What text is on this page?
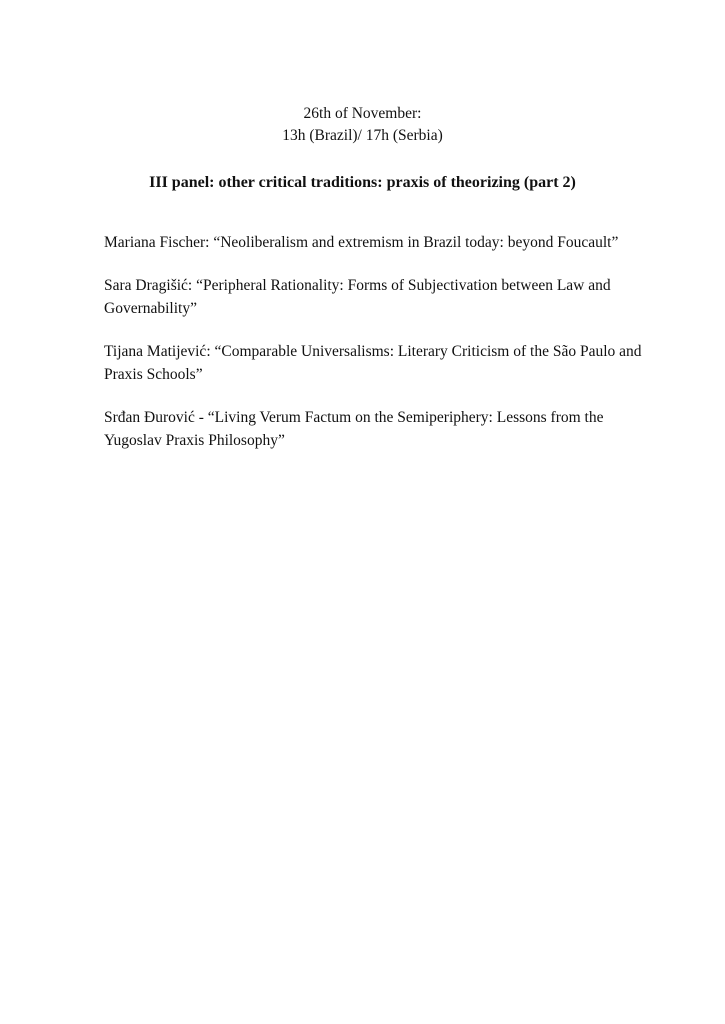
26th of November:
13h (Brazil)/ 17h (Serbia)
III panel: other critical traditions: praxis of theorizing (part 2)

Mariana Fischer: “Neoliberalism and extremism in Brazil today: beyond Foucault”

Sara Dragišić: “Peripheral Rationality: Forms of Subjectivation between Law and Governability”

Tijana Matijević: “Comparable Universalisms: Literary Criticism of the São Paulo and Praxis Schools”

Srđan Đurović - “Living Verum Factum on the Semiperiphery: Lessons from the Yugoslav Praxis Philosophy”
